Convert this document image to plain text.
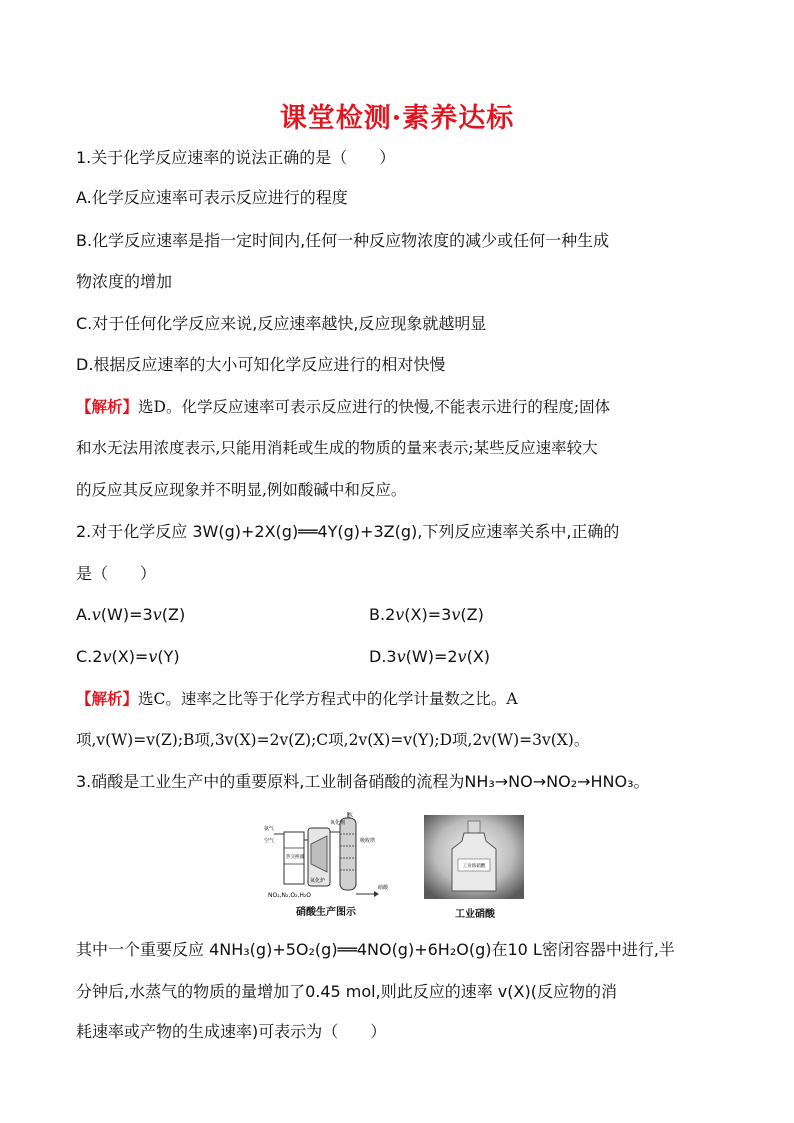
课堂检测·素养达标
1.关于化学反应速率的说法正确的是（　　）
A.化学反应速率可表示反应进行的程度
B.化学反应速率是指一定时间内,任何一种反应物浓度的减少或任何一种生成
物浓度的增加
C.对于任何化学反应来说,反应速率越快,反应现象就越明显
D.根据反应速率的大小可知化学反应进行的相对快慢
【解析】选D。化学反应速率可表示反应进行的快慢,不能表示进行的程度;固体
和水无法用浓度表示,只能用消耗或生成的物质的量来表示;某些反应速率较大
的反应其反应现象并不明显,例如酸碱中和反应。
2.对于化学反应 3W(g)+2X(g)══4Y(g)+3Z(g),下列反应速率关系中,正确的
是（　　）
A.v(W)=3v(Z)	B.2v(X)=3v(Z)
C.2v(X)=v(Y)	D.3v(W)=2v(X)
【解析】选C。速率之比等于化学方程式中的化学计量数之比。A
项,v(W)=v(Z);B项,3v(X)=2v(Z);C项,2v(X)=v(Y);D项,2v(W)=3v(X)。
3.硝酸是工业生产中的重要原料,工业制备硝酸的流程为NH₃→NO→NO₂→HNO₃。
水
氧化剂
氨气
空气
热交换器
氧化炉
吸收塔
NO₂,N₂,O₂,H₂O
硝酸
硝酸生产图示
工业浓硝酸
工业硝酸
其中一个重要反应 4NH₃(g)+5O₂(g)══4NO(g)+6H₂O(g)在10 L密闭容器中进行,半
分钟后,水蒸气的物质的量增加了0.45 mol,则此反应的速率 v(X)(反应物的消
耗速率或产物的生成速率)可表示为（　　）
